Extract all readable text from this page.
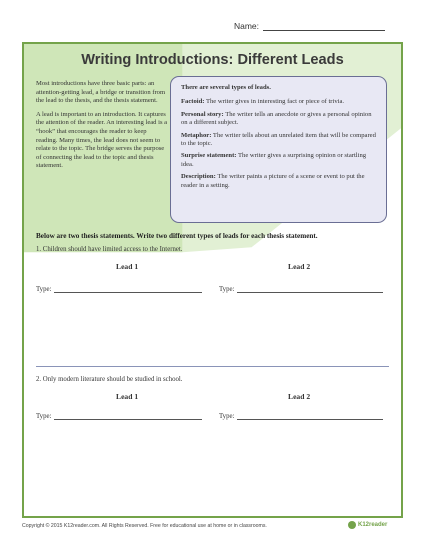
Name:
Writing Introductions: Different Leads

Most introductions have three basic parts: an attention-getting lead, a bridge or transition from the lead to the thesis, and the thesis statement.

A lead is important to an introduction. It captures the attention of the reader. An interesting lead is a “hook” that encourages the reader to keep reading. Many times, the lead does not seem to relate to the topic. The bridge serves the purpose of connecting the lead to the topic and thesis statement.

There are several types of leads.
Factoid: The writer gives in interesting fact or piece of trivia.
Personal story: The writer tells an anecdote or gives a personal opinion on a different subject.
Metaphor: The writer tells about an unrelated item that will be compared to the topic.
Surprise statement: The writer gives a surprising opinion or startling idea.
Description: The writer paints a picture of a scene or event to put the reader in a setting.
Below are two thesis statements. Write two different types of leads for each thesis statement.
1. Children should have limited access to the Internet.
Lead 1	Lead 2
Type:	Type:
2. Only modern literature should be studied in school.
Lead 1	Lead 2
Type:	Type:
Copyright © 2015 K12reader.com. All Rights Reserved. Free for educational use at home or in classrooms.	K12reader
